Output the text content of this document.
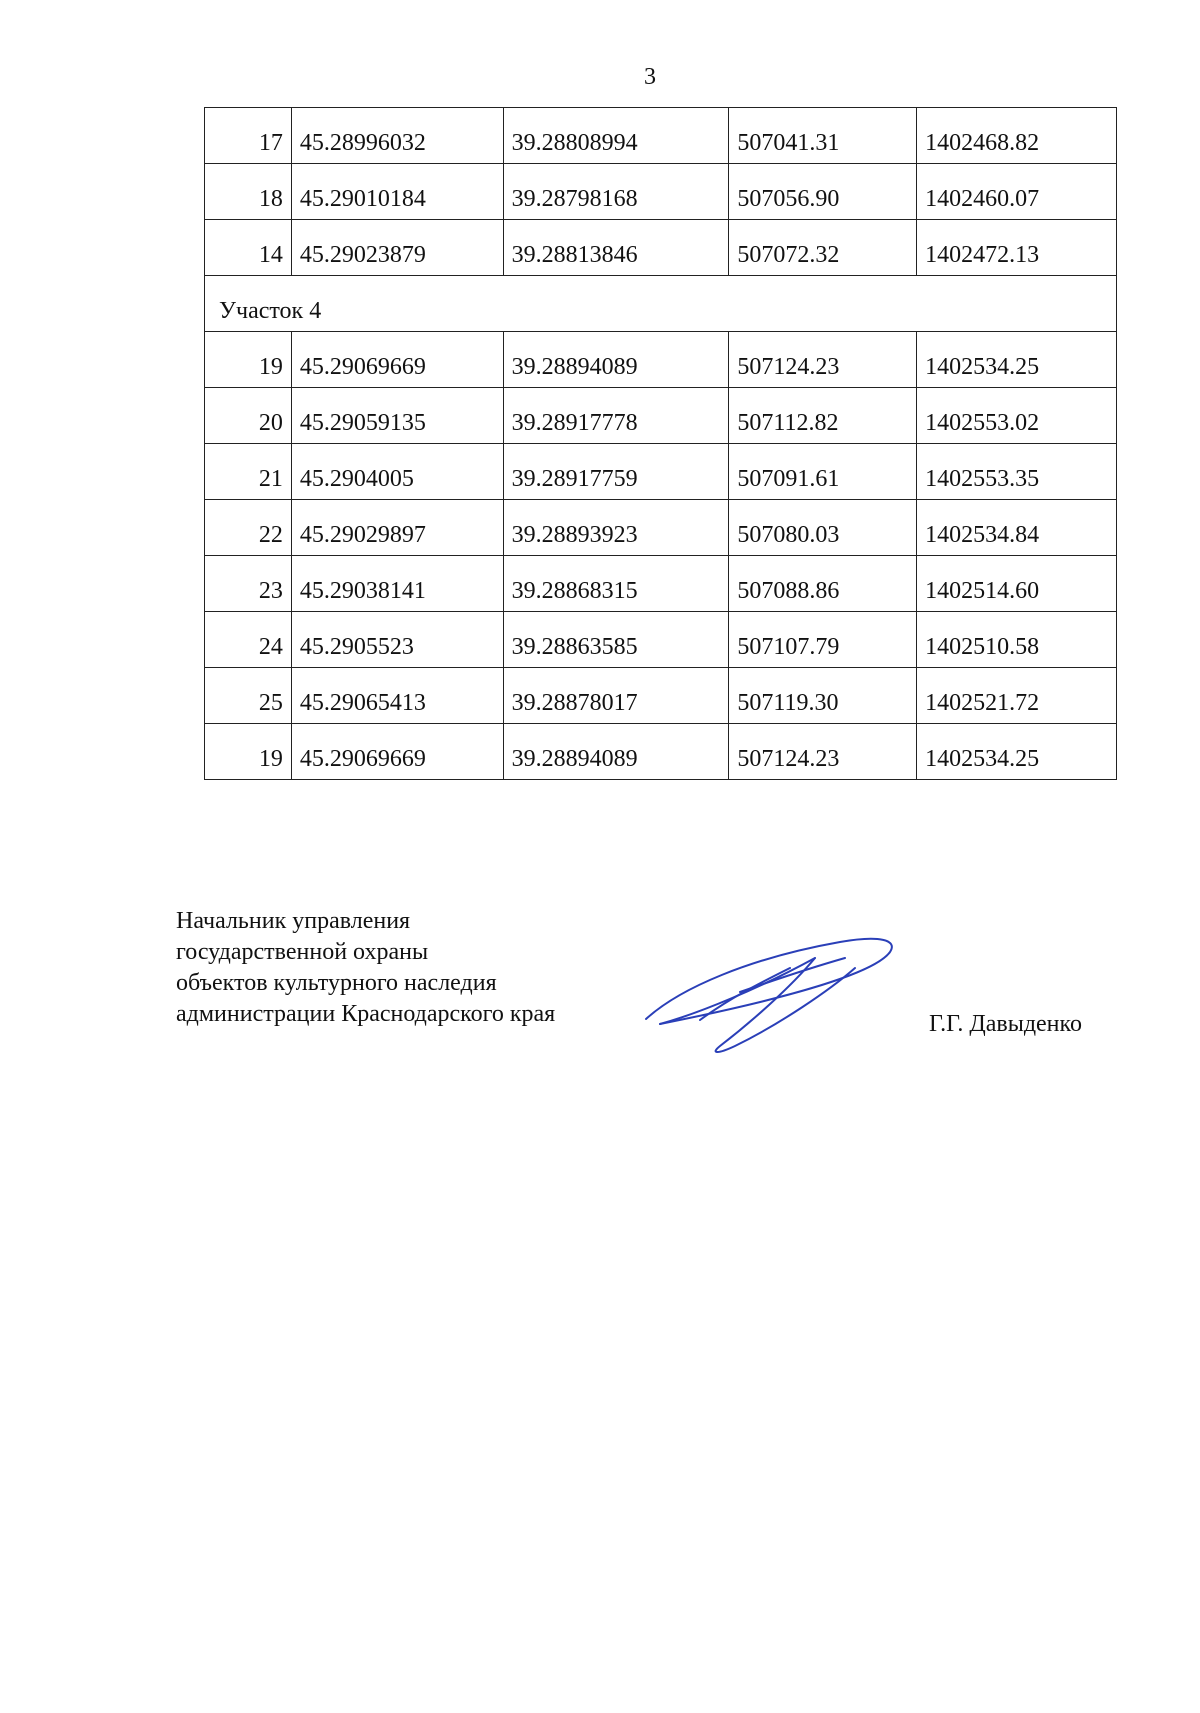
3
17	45.28996032	39.28808994	507041.31	1402468.82
18	45.29010184	39.28798168	507056.90	1402460.07
14	45.29023879	39.28813846	507072.32	1402472.13
Участок 4				
19	45.29069669	39.28894089	507124.23	1402534.25
20	45.29059135	39.28917778	507112.82	1402553.02
21	45.2904005	39.28917759	507091.61	1402553.35
22	45.29029897	39.28893923	507080.03	1402534.84
23	45.29038141	39.28868315	507088.86	1402514.60
24	45.2905523	39.28863585	507107.79	1402510.58
25	45.29065413	39.28878017	507119.30	1402521.72
19	45.29069669	39.28894089	507124.23	1402534.25
Начальник управления
государственной охраны
объектов культурного наследия
администрации Краснодарского края	Г.Г. Давыденко
